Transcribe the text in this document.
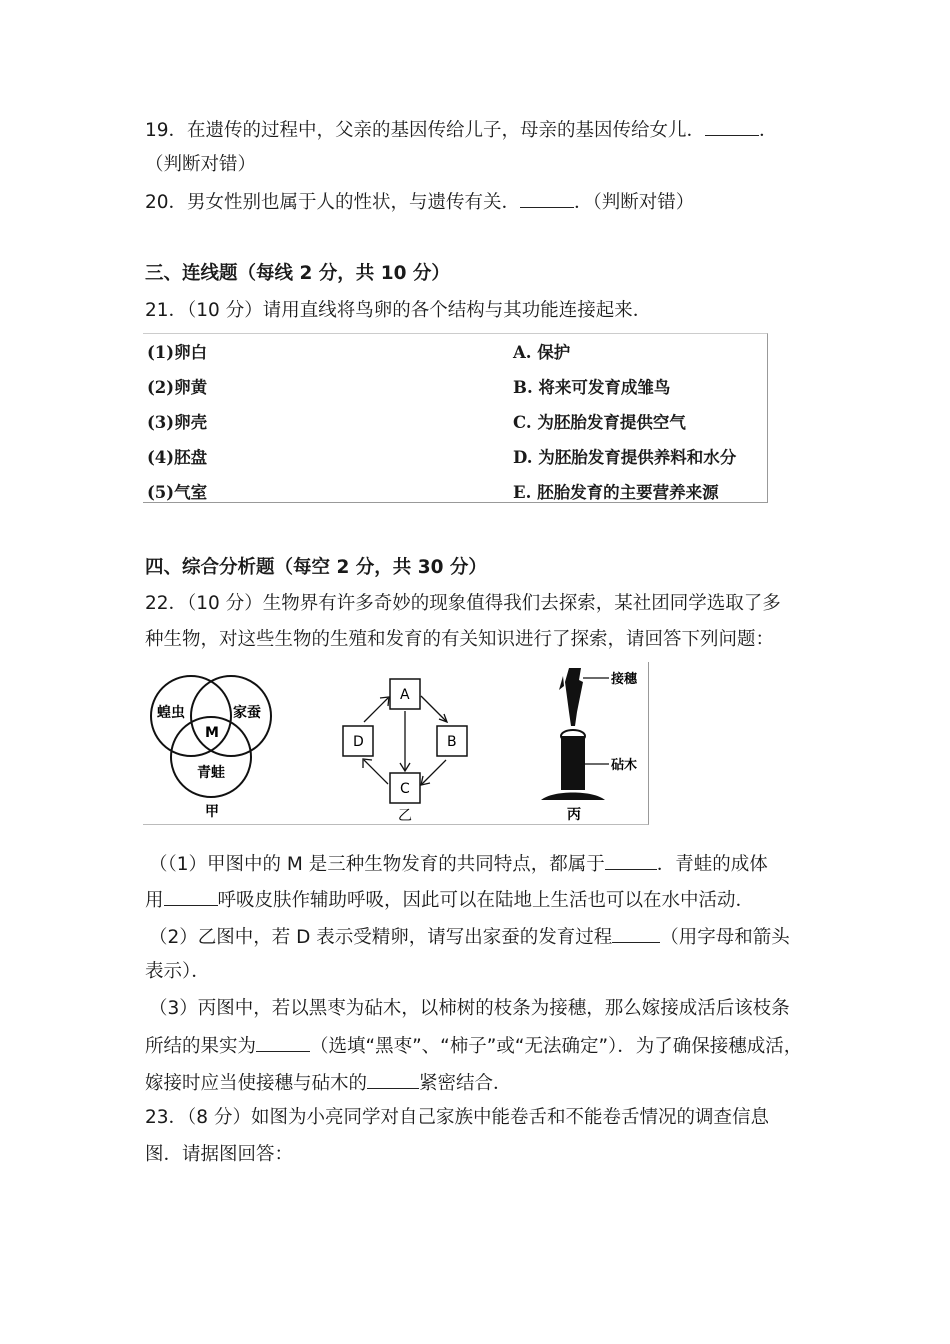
19．在遗传的过程中，父亲的基因传给儿子，母亲的基因传给女儿．	．
（判断对错）
20．男女性别也属于人的性状，与遗传有关．	．（判断对错）
三、连线题（每线 2 分，共 10 分）
21．（10 分）请用直线将鸟卵的各个结构与其功能连接起来．
(1)卵白	A. 保护
(2)卵黄	B. 将来可发育成雏鸟
(3)卵壳	C. 为胚胎发育提供空气
(4)胚盘	D. 为胚胎发育提供养料和水分
(5)气室	E. 胚胎发育的主要营养来源
四、综合分析题（每空 2 分，共 30 分）
22．（10 分）生物界有许多奇妙的现象值得我们去探索，某社团同学选取了多
种生物，对这些生物的生殖和发育的有关知识进行了探索，请回答下列问题：
蝗虫	家蚕
M
青蛙
甲
A
B
C
D
乙
接穗
砧木
丙
（（1）甲图中的 M 是三种生物发育的共同特点，都属于	．青蛙的成体
用	呼吸皮肤作辅助呼吸，因此可以在陆地上生活也可以在水中活动．
（2）乙图中，若 D 表示受精卵，请写出家蚕的发育过程	（用字母和箭头
表示）．
（3）丙图中，若以黑枣为砧木，以柿树的枝条为接穗，那么嫁接成活后该枝条
所结的果实为	（选填“黑枣”、“柿子”或“无法确定”）．为了确保接穗成活，
嫁接时应当使接穗与砧木的	紧密结合．
23．（8 分）如图为小亮同学对自己家族中能卷舌和不能卷舌情况的调查信息
图．请据图回答：
